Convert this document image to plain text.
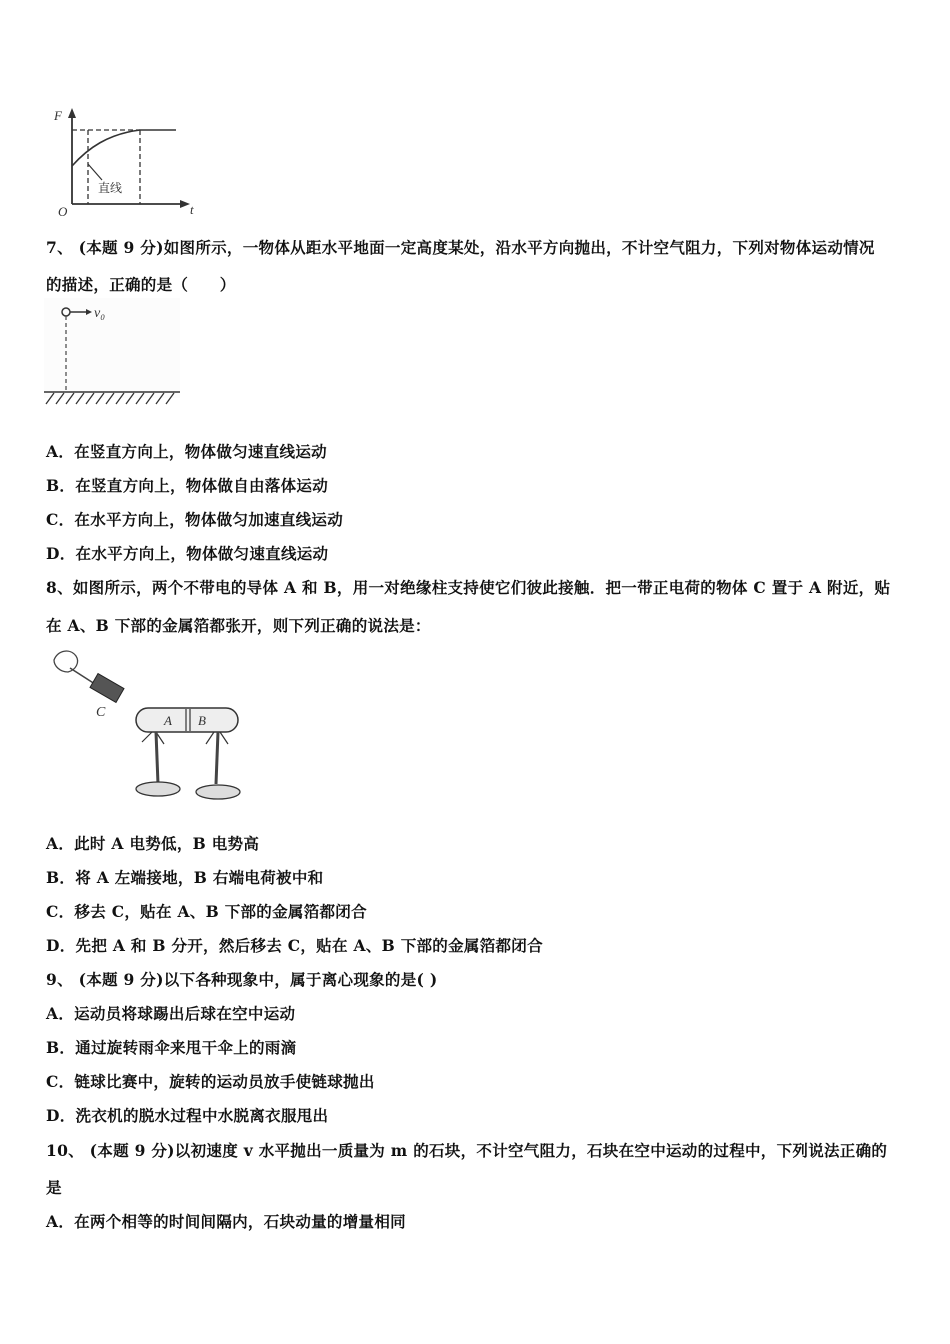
F
t
O
直线
7、 (本题 9 分)如图所示，一物体从距水平地面一定高度某处，沿水平方向抛出，不计空气阻力，下列对物体运动情况
的描述，正确的是（　　）
v₀
A．在竖直方向上，物体做匀速直线运动
B．在竖直方向上，物体做自由落体运动
C．在水平方向上，物体做匀加速直线运动
D．在水平方向上，物体做匀速直线运动
8、如图所示，两个不带电的导体 A 和 B，用一对绝缘柱支持使它们彼此接触．把一带正电荷的物体 C 置于 A 附近，贴
在 A、B 下部的金属箔都张开，则下列正确的说法是：
C
A B
A．此时 A 电势低，B 电势高
B．将 A 左端接地，B 右端电荷被中和
C．移去 C，贴在 A、B 下部的金属箔都闭合
D．先把 A 和 B 分开，然后移去 C，贴在 A、B 下部的金属箔都闭合
9、 (本题 9 分)以下各种现象中，属于离心现象的是( )
A．运动员将球踢出后球在空中运动
B．通过旋转雨伞来甩干伞上的雨滴
C．链球比赛中，旋转的运动员放手使链球抛出
D．洗衣机的脱水过程中水脱离衣服甩出
10、 (本题 9 分)以初速度 v 水平抛出一质量为 m 的石块，不计空气阻力，石块在空中运动的过程中，下列说法正确的
是
A．在两个相等的时间间隔内，石块动量的增量相同
